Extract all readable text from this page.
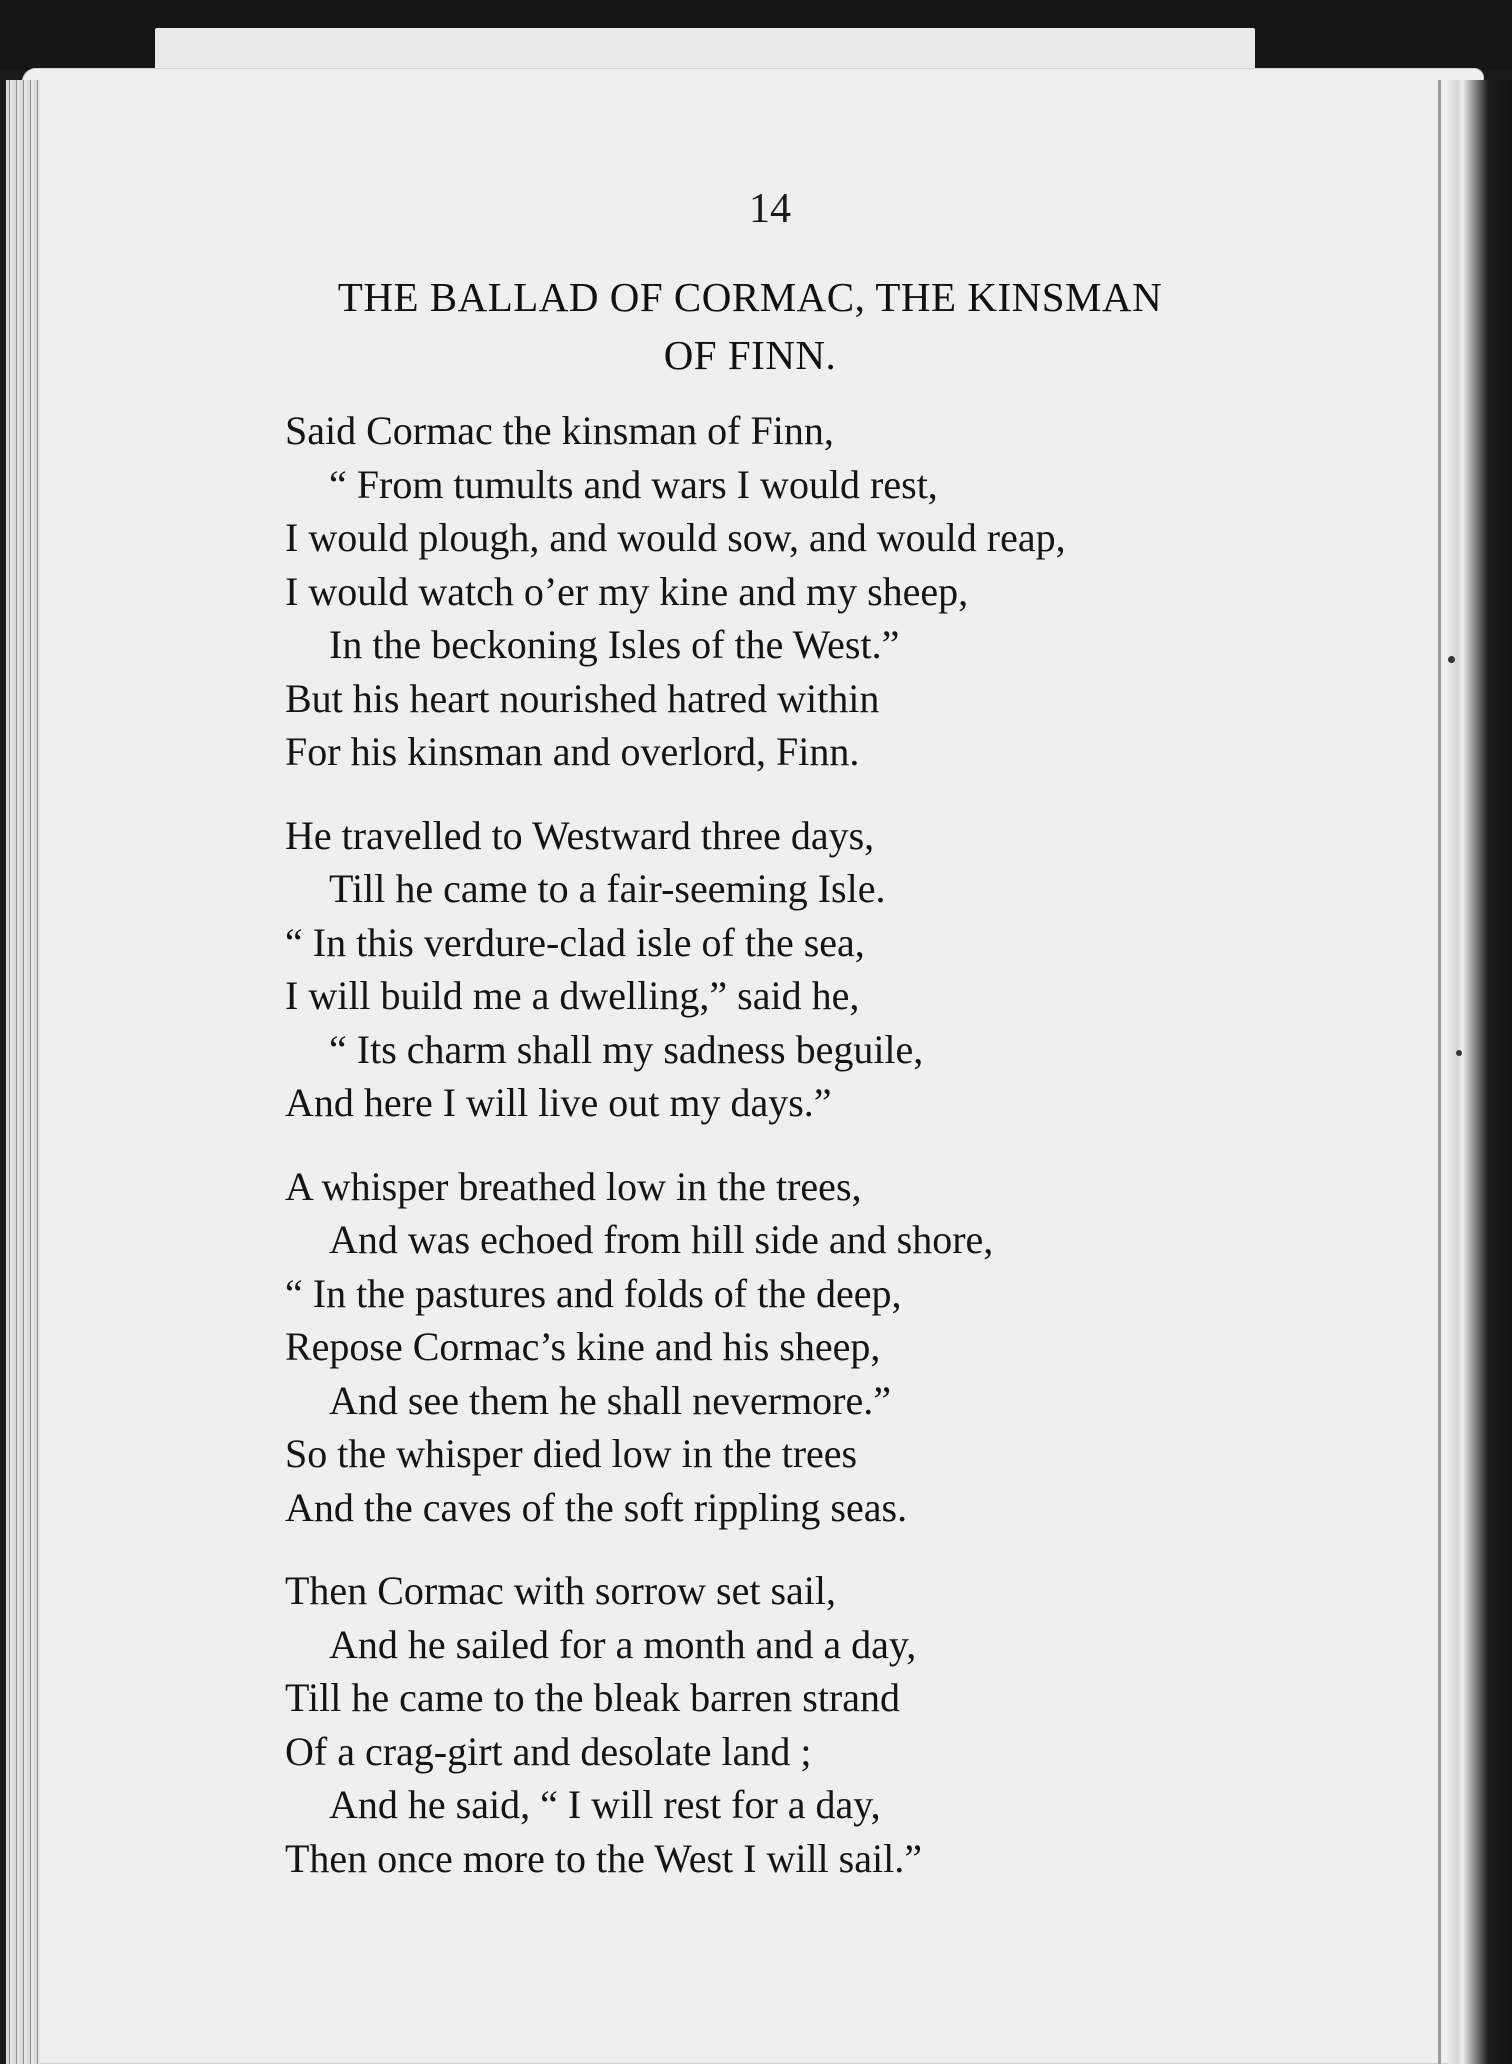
14
THE BALLAD OF CORMAC, THE KINSMAN
OF FINN.
Said Cormac the kinsman of Finn,
“ From tumults and wars I would rest,
I would plough, and would sow, and would reap,
I would watch o’er my kine and my sheep,
In the beckoning Isles of the West.”
But his heart nourished hatred within
For his kinsman and overlord, Finn.
He travelled to Westward three days,
Till he came to a fair-seeming Isle.
“ In this verdure-clad isle of the sea,
I will build me a dwelling,” said he,
“ Its charm shall my sadness beguile,
And here I will live out my days.”
A whisper breathed low in the trees,
And was echoed from hill side and shore,
“ In the pastures and folds of the deep,
Repose Cormac’s kine and his sheep,
And see them he shall nevermore.”
So the whisper died low in the trees
And the caves of the soft rippling seas.
Then Cormac with sorrow set sail,
And he sailed for a month and a day,
Till he came to the bleak barren strand
Of a crag-girt and desolate land ;
And he said, “ I will rest for a day,
Then once more to the West I will sail.”
